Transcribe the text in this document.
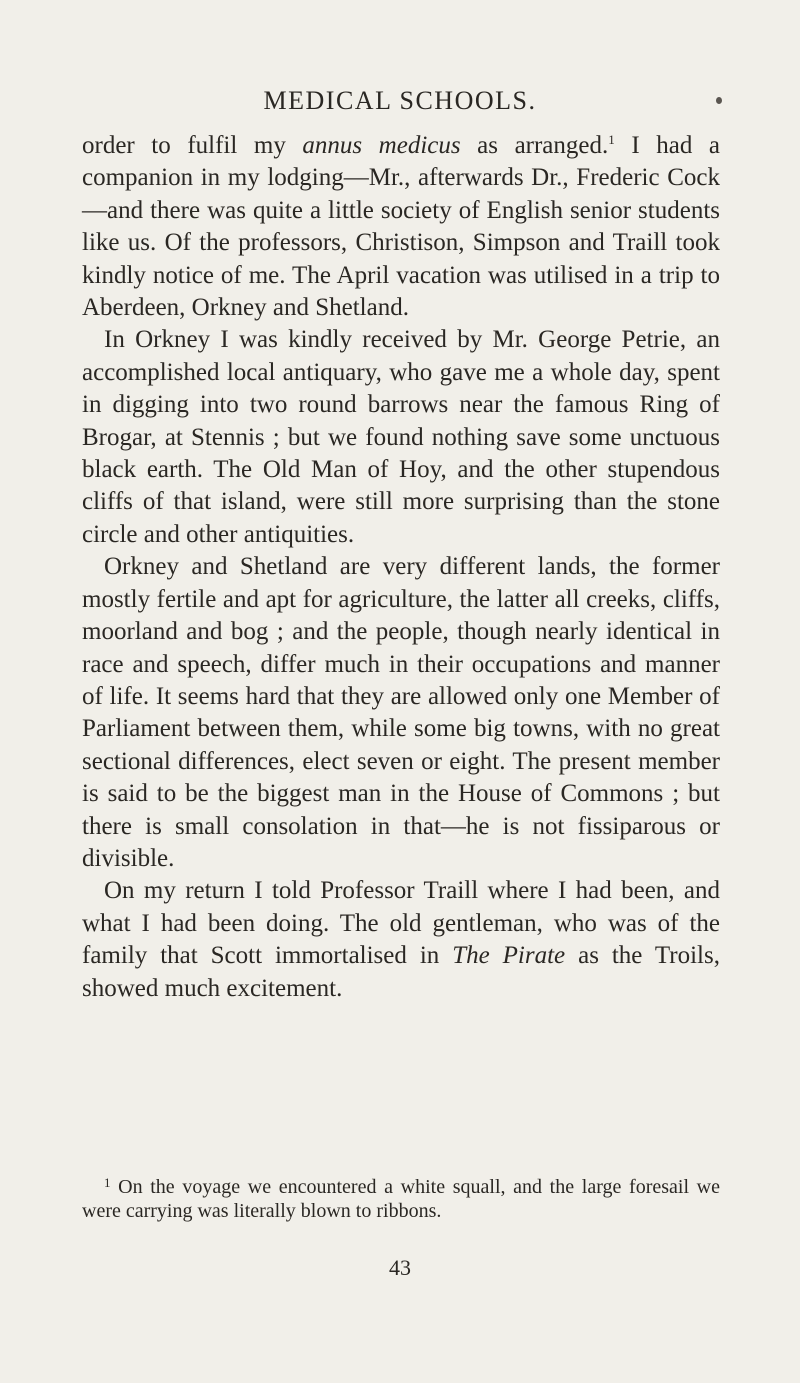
MEDICAL SCHOOLS.

order to fulfil my annus medicus as arranged.$^1$ I had a companion in my lodging—Mr., afterwards Dr., Frederic Cock—and there was quite a little society of English senior students like us. Of the professors, Christison, Simpson and Traill took kindly notice of me. The April vacation was utilised in a trip to Aberdeen, Orkney and Shetland.

In Orkney I was kindly received by Mr. George Petrie, an accomplished local antiquary, who gave me a whole day, spent in digging into two round barrows near the famous Ring of Brogar, at Stennis ; but we found nothing save some unctuous black earth. The Old Man of Hoy, and the other stupendous cliffs of that island, were still more surprising than the stone circle and other antiquities.

Orkney and Shetland are very different lands, the former mostly fertile and apt for agriculture, the latter all creeks, cliffs, moorland and bog ; and the people, though nearly identical in race and speech, differ much in their occupations and manner of life. It seems hard that they are allowed only one Member of Parliament between them, while some big towns, with no great sectional differences, elect seven or eight. The present member is said to be the biggest man in the House of Commons ; but there is small consolation in that—he is not fissiparous or divisible.

On my return I told Professor Traill where I had been, and what I had been doing. The old gentleman, who was of the family that Scott immortalised in The Pirate as the Troils, showed much excitement.

$^1$ On the voyage we encountered a white squall, and the large foresail we were carrying was literally blown to ribbons.

43
